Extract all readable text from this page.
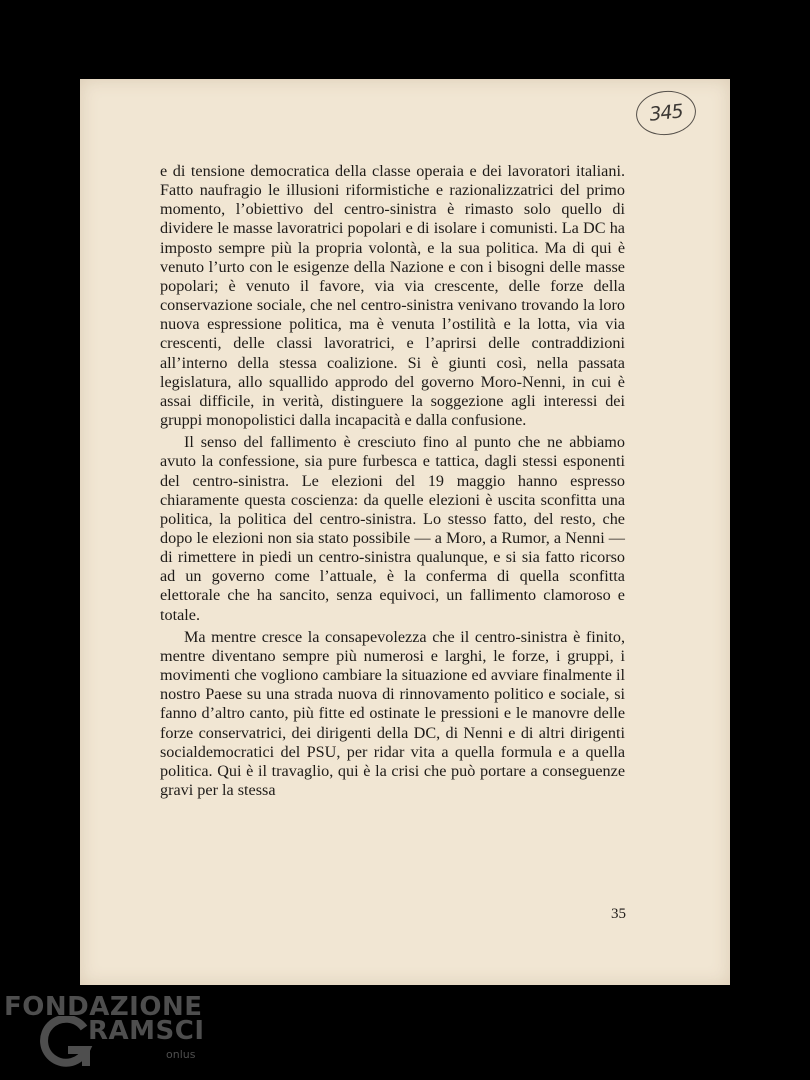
345

e di tensione democratica della classe operaia e dei lavoratori italiani. Fatto naufragio le illusioni riformistiche e razionalizzatrici del primo momento, l’obiettivo del centro-sinistra è rimasto solo quello di dividere le masse lavoratrici popolari e di isolare i comunisti. La DC ha imposto sempre più la propria volontà, e la sua politica. Ma di qui è venuto l’urto con le esigenze della Nazione e con i bisogni delle masse popolari; è venuto il favore, via via crescente, delle forze della conservazione sociale, che nel centro-sinistra venivano trovando la loro nuova espressione politica, ma è venuta l’ostilità e la lotta, via via crescenti, delle classi lavoratrici, e l’aprirsi delle contraddizioni all’interno della stessa coalizione. Si è giunti così, nella passata legislatura, allo squallido approdo del governo Moro-Nenni, in cui è assai difficile, in verità, distinguere la soggezione agli interessi dei gruppi monopolistici dalla incapacità e dalla confusione.

Il senso del fallimento è cresciuto fino al punto che ne abbiamo avuto la confessione, sia pure furbesca e tattica, dagli stessi esponenti del centro-sinistra. Le elezioni del 19 maggio hanno espresso chiaramente questa coscienza: da quelle elezioni è uscita sconfitta una politica, la politica del centro-sinistra. Lo stesso fatto, del resto, che dopo le elezioni non sia stato possibile — a Moro, a Rumor, a Nenni — di rimettere in piedi un centro-sinistra qualunque, e si sia fatto ricorso ad un governo come l’attuale, è la conferma di quella sconfitta elettorale che ha sancito, senza equivoci, un fallimento clamoroso e totale.

Ma mentre cresce la consapevolezza che il centro-sinistra è finito, mentre diventano sempre più numerosi e larghi, le forze, i gruppi, i movimenti che vogliono cambiare la situazione ed avviare finalmente il nostro Paese su una strada nuova di rinnovamento politico e sociale, si fanno d’altro canto, più fitte ed ostinate le pressioni e le manovre delle forze conservatrici, dei dirigenti della DC, di Nenni e di altri dirigenti socialdemocratici del PSU, per ridar vita a quella formula e a quella politica. Qui è il travaglio, qui è la crisi che può portare a conseguenze gravi per la stessa

35
FONDAZIONE
RAMSCI
onlus
